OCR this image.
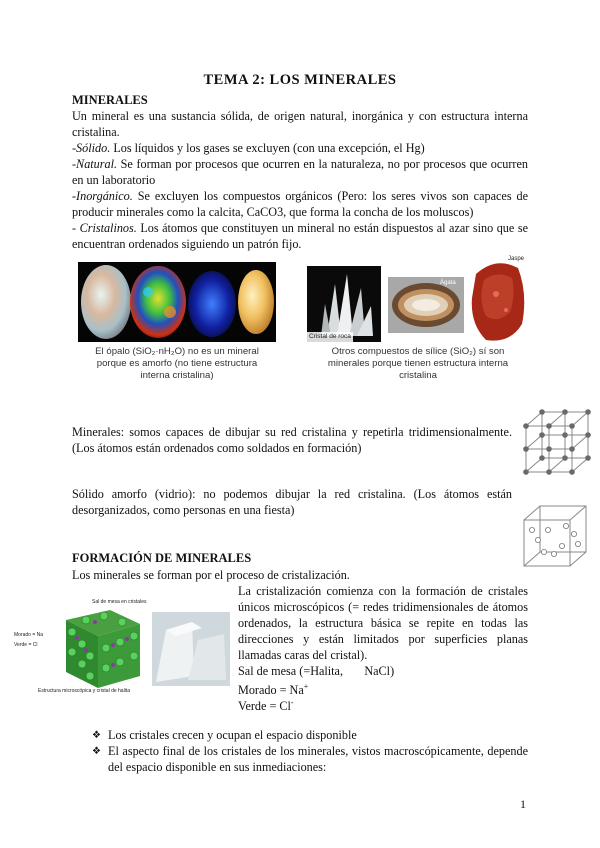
TEMA 2: LOS MINERALES
MINERALES
Un mineral es una sustancia sólida, de origen natural, inorgánica y con estructura interna cristalina.
-Sólido. Los líquidos y los gases se excluyen (con una excepción, el Hg)
-Natural. Se forman por procesos que ocurren en la naturaleza, no por procesos que ocurren en un laboratorio
-Inorgánico. Se excluyen los compuestos orgánicos (Pero: los seres vivos son capaces de producir minerales como la calcita, CaCO3, que forma la concha de los moluscos)
- Cristalinos. Los átomos que constituyen un mineral no están dispuestos al azar sino que se encuentran ordenados siguiendo un patrón fijo.
El ópalo (SiO₂·nH₂O) no es un mineral porque es amorfo (no tiene estructura interna cristalina)
Cristal de roca
Ágata
Jaspe
Otros compuestos de sílice (SiO₂) sí son minerales porque tienen estructura interna cristalina
Minerales: somos capaces de dibujar su red cristalina y repetirla tridimensionalmente. (Los átomos están ordenados como soldados en formación)
Sólido amorfo (vidrio): no podemos dibujar la red cristalina. (Los átomos están desorganizados, como personas en una fiesta)
FORMACIÓN DE MINERALES
Los minerales se forman por el proceso de cristalización.
Sal de mesa en cristales
Morado = Na
Verde = Cl
Estructura microscópica y cristal de halita
La cristalización comienza con la formación de cristales únicos microscópicos (= redes tridimensionales de átomos ordenados, la estructura básica se repite en todas las direcciones y están limitados por superficies planas llamadas caras del cristal).
Sal de mesa (=Halita,       NaCl)
Morado = Na+
Verde = Cl-
❖ Los cristales crecen y ocupan el espacio disponible
❖ El aspecto final de los cristales de los minerales, vistos macroscópicamente, depende del espacio disponible en sus inmediaciones:
1
